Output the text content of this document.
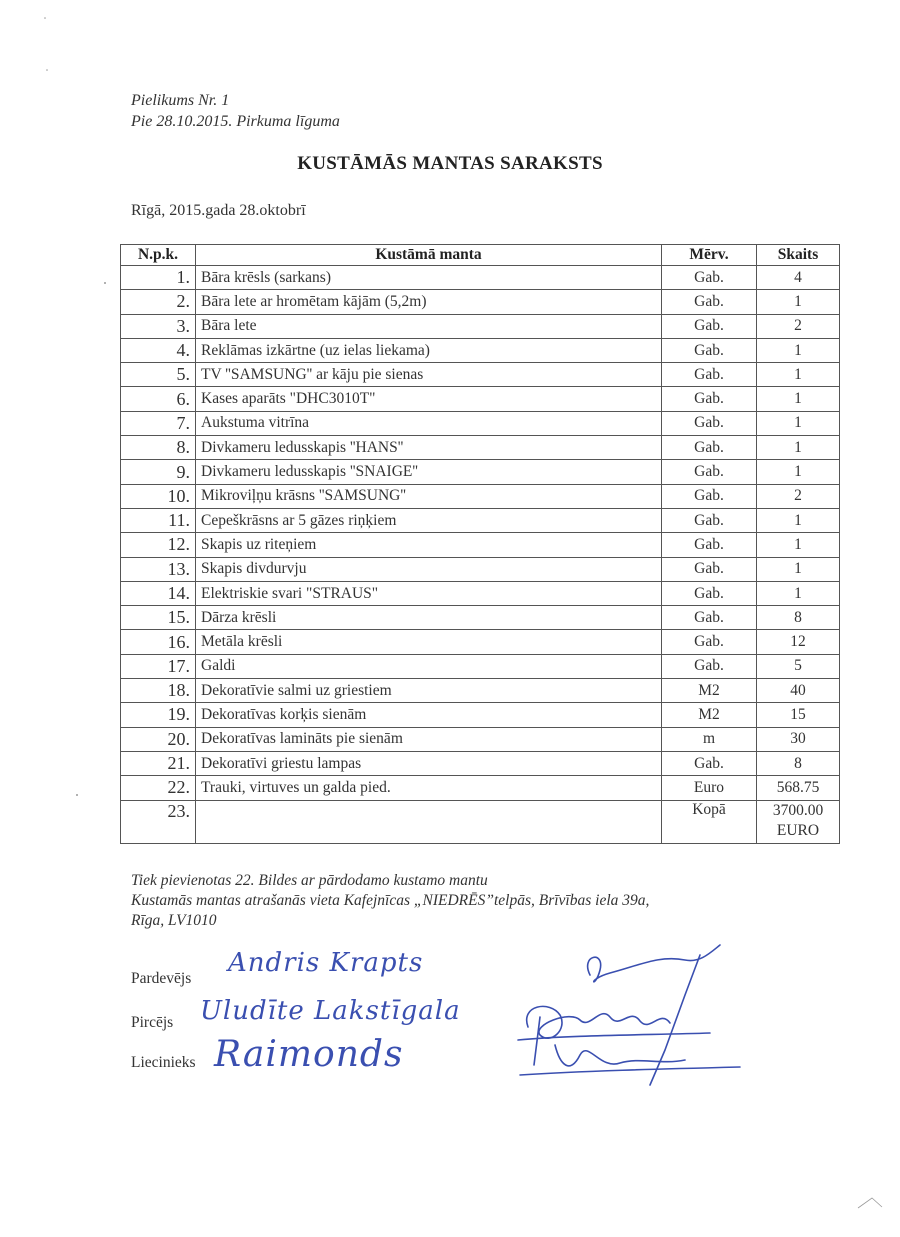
Pielikums Nr. 1
Pie 28.10.2015. Pirkuma līguma
KUSTĀMĀS MANTAS SARAKSTS
Rīgā, 2015.gada 28.oktobrī
N.p.k.	Kustāmā manta	Mērv.	Skaits
1.	Bāra krēsls (sarkans)	Gab.	4
2.	Bāra lete ar hromētam kājām (5,2m)	Gab.	1
3.	Bāra lete	Gab.	2
4.	Reklāmas izkārtne (uz ielas liekama)	Gab.	1
5.	TV ''SAMSUNG'' ar kāju pie sienas	Gab.	1
6.	Kases aparāts "DHC3010T"	Gab.	1
7.	Aukstuma vitrīna	Gab.	1
8.	Divkameru ledusskapis ''HANS''	Gab.	1
9.	Divkameru ledusskapis ''SNAIGE''	Gab.	1
10.	Mikroviļņu krāsns ''SAMSUNG''	Gab.	2
11.	Cepeškrāsns ar 5 gāzes riņķiem	Gab.	1
12.	Skapis uz riteņiem	Gab.	1
13.	Skapis divdurvju	Gab.	1
14.	Elektriskie svari "STRAUS"	Gab.	1
15.	Dārza krēsli	Gab.	8
16.	Metāla krēsli	Gab.	12
17.	Galdi	Gab.	5
18.	Dekoratīvie salmi uz griestiem	M2	40
19.	Dekoratīvas korķis sienām	M2	15
20.	Dekoratīvas lamināts pie sienām	m	30
21.	Dekoratīvi griestu lampas	Gab.	8
22.	Trauki, virtuves un galda pied.	Euro	568.75
23.		Kopā	3700.00
EURO
Tiek pievienotas 22. Bildes ar pārdodamo kustamo mantu
Kustamās mantas atrašanās vieta Kafejnīcas „NIEDRĒS”telpās, Brīvības iela 39a,
Rīga, LV1010
Pardevējs
Andris Krapts
Pircējs Uludīte Lakstīgala
Liecinieks Raimonds
